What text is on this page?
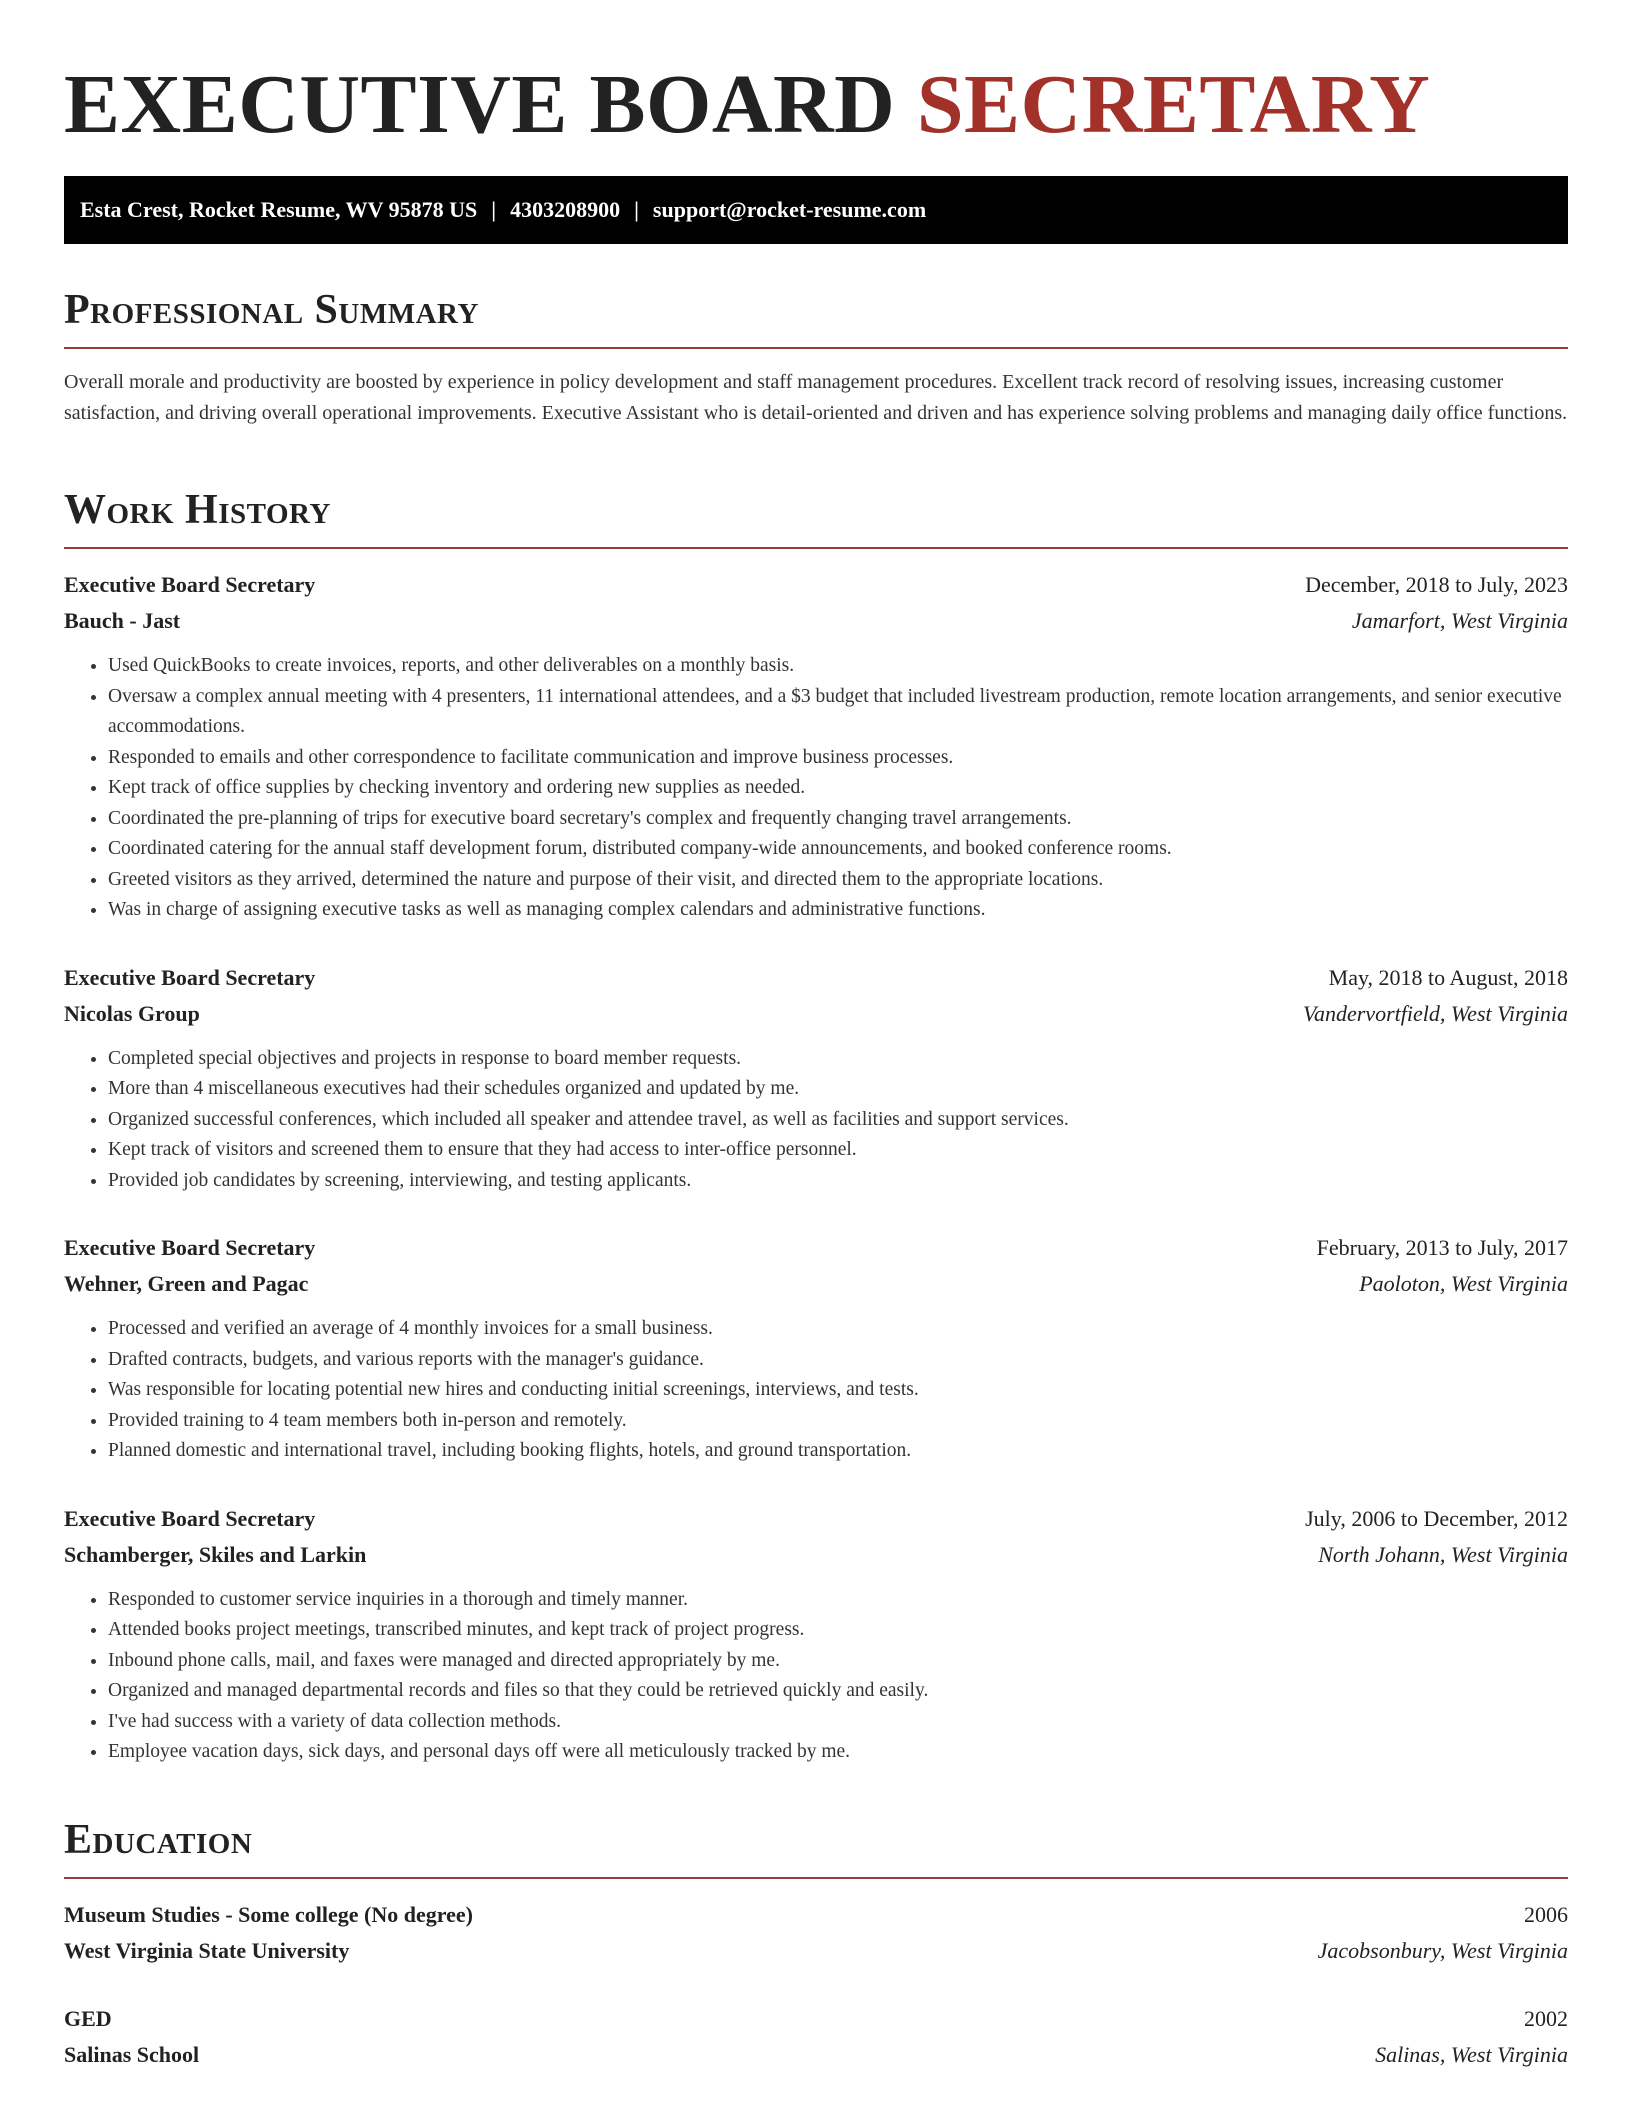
EXECUTIVE BOARD SECRETARY
Esta Crest, Rocket Resume, WV 95878 US | 4303208900 | support@rocket-resume.com
Professional Summary

Overall morale and productivity are boosted by experience in policy development and staff management procedures. Excellent track record of resolving issues, increasing customer satisfaction, and driving overall operational improvements. Executive Assistant who is detail-oriented and driven and has experience solving problems and managing daily office functions.

Work History
Executive Board Secretary	December, 2018 to July, 2023
Bauch - Jast	Jamarfort, West Virginia
• Used QuickBooks to create invoices, reports, and other deliverables on a monthly basis.
• Oversaw a complex annual meeting with 4 presenters, 11 international attendees, and a $3 budget that included livestream production, remote location arrangements, and senior executive accommodations.
• Responded to emails and other correspondence to facilitate communication and improve business processes.
• Kept track of office supplies by checking inventory and ordering new supplies as needed.
• Coordinated the pre-planning of trips for executive board secretary's complex and frequently changing travel arrangements.
• Coordinated catering for the annual staff development forum, distributed company-wide announcements, and booked conference rooms.
• Greeted visitors as they arrived, determined the nature and purpose of their visit, and directed them to the appropriate locations.
• Was in charge of assigning executive tasks as well as managing complex calendars and administrative functions.
Executive Board Secretary	May, 2018 to August, 2018
Nicolas Group	Vandervortfield, West Virginia
• Completed special objectives and projects in response to board member requests.
• More than 4 miscellaneous executives had their schedules organized and updated by me.
• Organized successful conferences, which included all speaker and attendee travel, as well as facilities and support services.
• Kept track of visitors and screened them to ensure that they had access to inter-office personnel.
• Provided job candidates by screening, interviewing, and testing applicants.
Executive Board Secretary	February, 2013 to July, 2017
Wehner, Green and Pagac	Paoloton, West Virginia
• Processed and verified an average of 4 monthly invoices for a small business.
• Drafted contracts, budgets, and various reports with the manager's guidance.
• Was responsible for locating potential new hires and conducting initial screenings, interviews, and tests.
• Provided training to 4 team members both in-person and remotely.
• Planned domestic and international travel, including booking flights, hotels, and ground transportation.
Executive Board Secretary	July, 2006 to December, 2012
Schamberger, Skiles and Larkin	North Johann, West Virginia
• Responded to customer service inquiries in a thorough and timely manner.
• Attended books project meetings, transcribed minutes, and kept track of project progress.
• Inbound phone calls, mail, and faxes were managed and directed appropriately by me.
• Organized and managed departmental records and files so that they could be retrieved quickly and easily.
• I've had success with a variety of data collection methods.
• Employee vacation days, sick days, and personal days off were all meticulously tracked by me.
Education
Museum Studies - Some college (No degree)	2006
West Virginia State University	Jacobsonbury, West Virginia
GED	2002
Salinas School	Salinas, West Virginia
